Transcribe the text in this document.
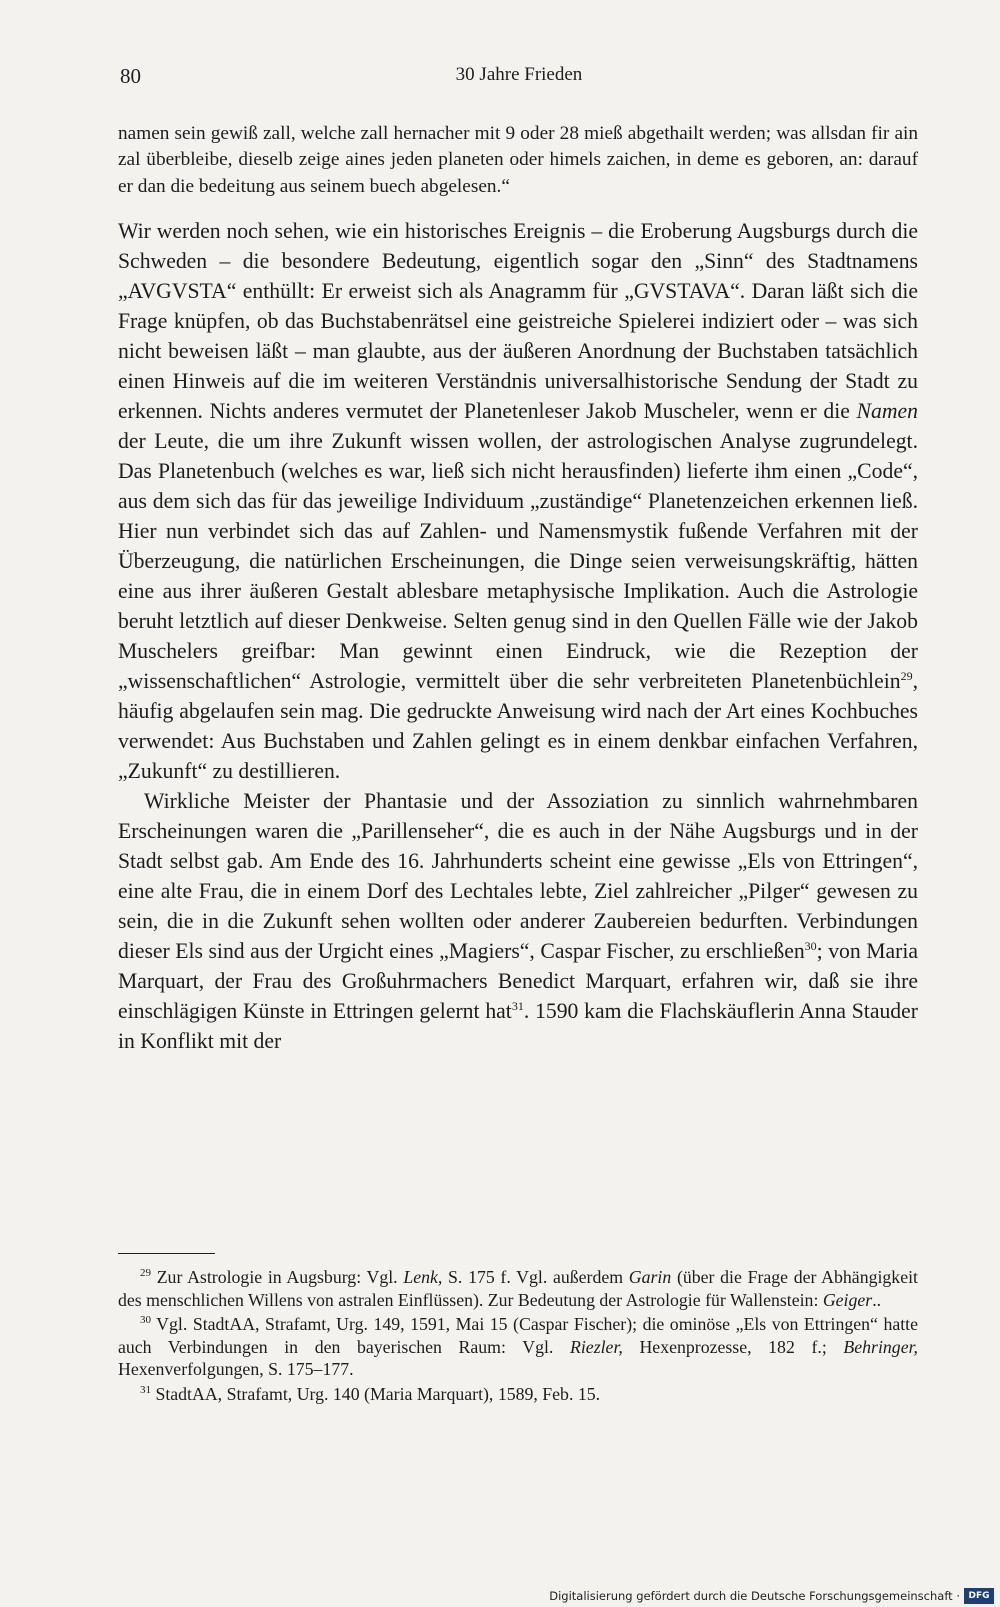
80	30 Jahre Frieden

namen sein gewiß zall, welche zall hernacher mit 9 oder 28 mieß abgethailt werden; was allsdan fir ain zal überbleibe, dieselb zeige aines jeden planeten oder himels zaichen, in deme es geboren, an: darauf er dan die bedeitung aus seinem buech abgelesen.“

Wir werden noch sehen, wie ein historisches Ereignis – die Eroberung Augsburgs durch die Schweden – die besondere Bedeutung, eigentlich sogar den „Sinn“ des Stadtnamens „AVGVSTA“ enthüllt: Er erweist sich als Anagramm für „GVSTAVA“. Daran läßt sich die Frage knüpfen, ob das Buchstabenrätsel eine geistreiche Spielerei indiziert oder – was sich nicht beweisen läßt – man glaubte, aus der äußeren Anordnung der Buchstaben tatsächlich einen Hinweis auf die im weiteren Verständnis universalhistorische Sendung der Stadt zu erkennen. Nichts anderes vermutet der Planetenleser Jakob Muscheler, wenn er die Namen der Leute, die um ihre Zukunft wissen wollen, der astrologischen Analyse zugrundelegt. Das Planetenbuch (welches es war, ließ sich nicht herausfinden) lieferte ihm einen „Code“, aus dem sich das für das jeweilige Individuum „zuständige“ Planetenzeichen erkennen ließ. Hier nun verbindet sich das auf Zahlen- und Namensmystik fußende Verfahren mit der Überzeugung, die natürlichen Erscheinungen, die Dinge seien verweisungskräftig, hätten eine aus ihrer äußeren Gestalt ablesbare metaphysische Implikation. Auch die Astrologie beruht letztlich auf dieser Denkweise. Selten genug sind in den Quellen Fälle wie der Jakob Muschelers greifbar: Man gewinnt einen Eindruck, wie die Rezeption der „wissenschaftlichen“ Astrologie, vermittelt über die sehr verbreiteten Planetenbüchlein$^{29}$, häufig abgelaufen sein mag. Die gedruckte Anweisung wird nach der Art eines Kochbuches verwendet: Aus Buchstaben und Zahlen gelingt es in einem denkbar einfachen Verfahren, „Zukunft“ zu destillieren.

Wirkliche Meister der Phantasie und der Assoziation zu sinnlich wahrnehmbaren Erscheinungen waren die „Parillenseher“, die es auch in der Nähe Augsburgs und in der Stadt selbst gab. Am Ende des 16. Jahrhunderts scheint eine gewisse „Els von Ettringen“, eine alte Frau, die in einem Dorf des Lechtales lebte, Ziel zahlreicher „Pilger“ gewesen zu sein, die in die Zukunft sehen wollten oder anderer Zaubereien bedurften. Verbindungen dieser Els sind aus der Urgicht eines „Magiers“, Caspar Fischer, zu erschließen$^{30}$; von Maria Marquart, der Frau des Großuhrmachers Benedict Marquart, erfahren wir, daß sie ihre einschlägigen Künste in Ettringen gelernt hat$^{31}$. 1590 kam die Flachskäuflerin Anna Stauder in Konflikt mit der

$^{29}$ Zur Astrologie in Augsburg: Vgl. Lenk, S. 175 f. Vgl. außerdem Garin (über die Frage der Abhängigkeit des menschlichen Willens von astralen Einflüssen). Zur Bedeutung der Astrologie für Wallenstein: Geiger..

$^{30}$ Vgl. StadtAA, Strafamt, Urg. 149, 1591, Mai 15 (Caspar Fischer); die ominöse „Els von Ettringen“ hatte auch Verbindungen in den bayerischen Raum: Vgl. Riezler, Hexenprozesse, 182 f.; Behringer, Hexenverfolgungen, S. 175–177.

$^{31}$ StadtAA, Strafamt, Urg. 140 (Maria Marquart), 1589, Feb. 15.

Digitalisierung gefördert durch die Deutsche Forschungsgemeinschaft · DFG
